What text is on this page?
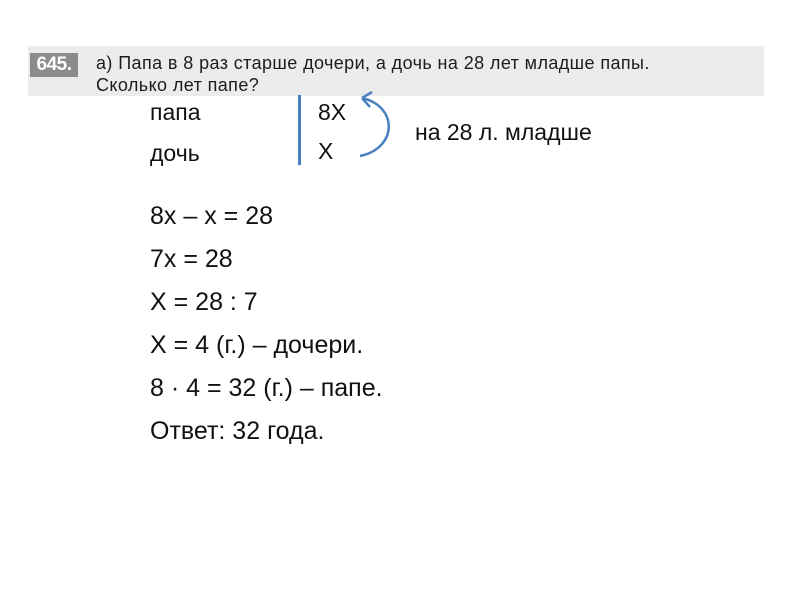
645.	а) Папа в 8 раз старше дочери, а дочь на 28 лет младше папы.
Сколько лет папе?
папа
дочь
8Х
Х
на 28 л. младше
8х – х = 28
7х = 28
Х = 28 : 7
Х = 4 (г.) – дочери.
8 · 4 = 32 (г.) – папе.
Ответ: 32 года.
